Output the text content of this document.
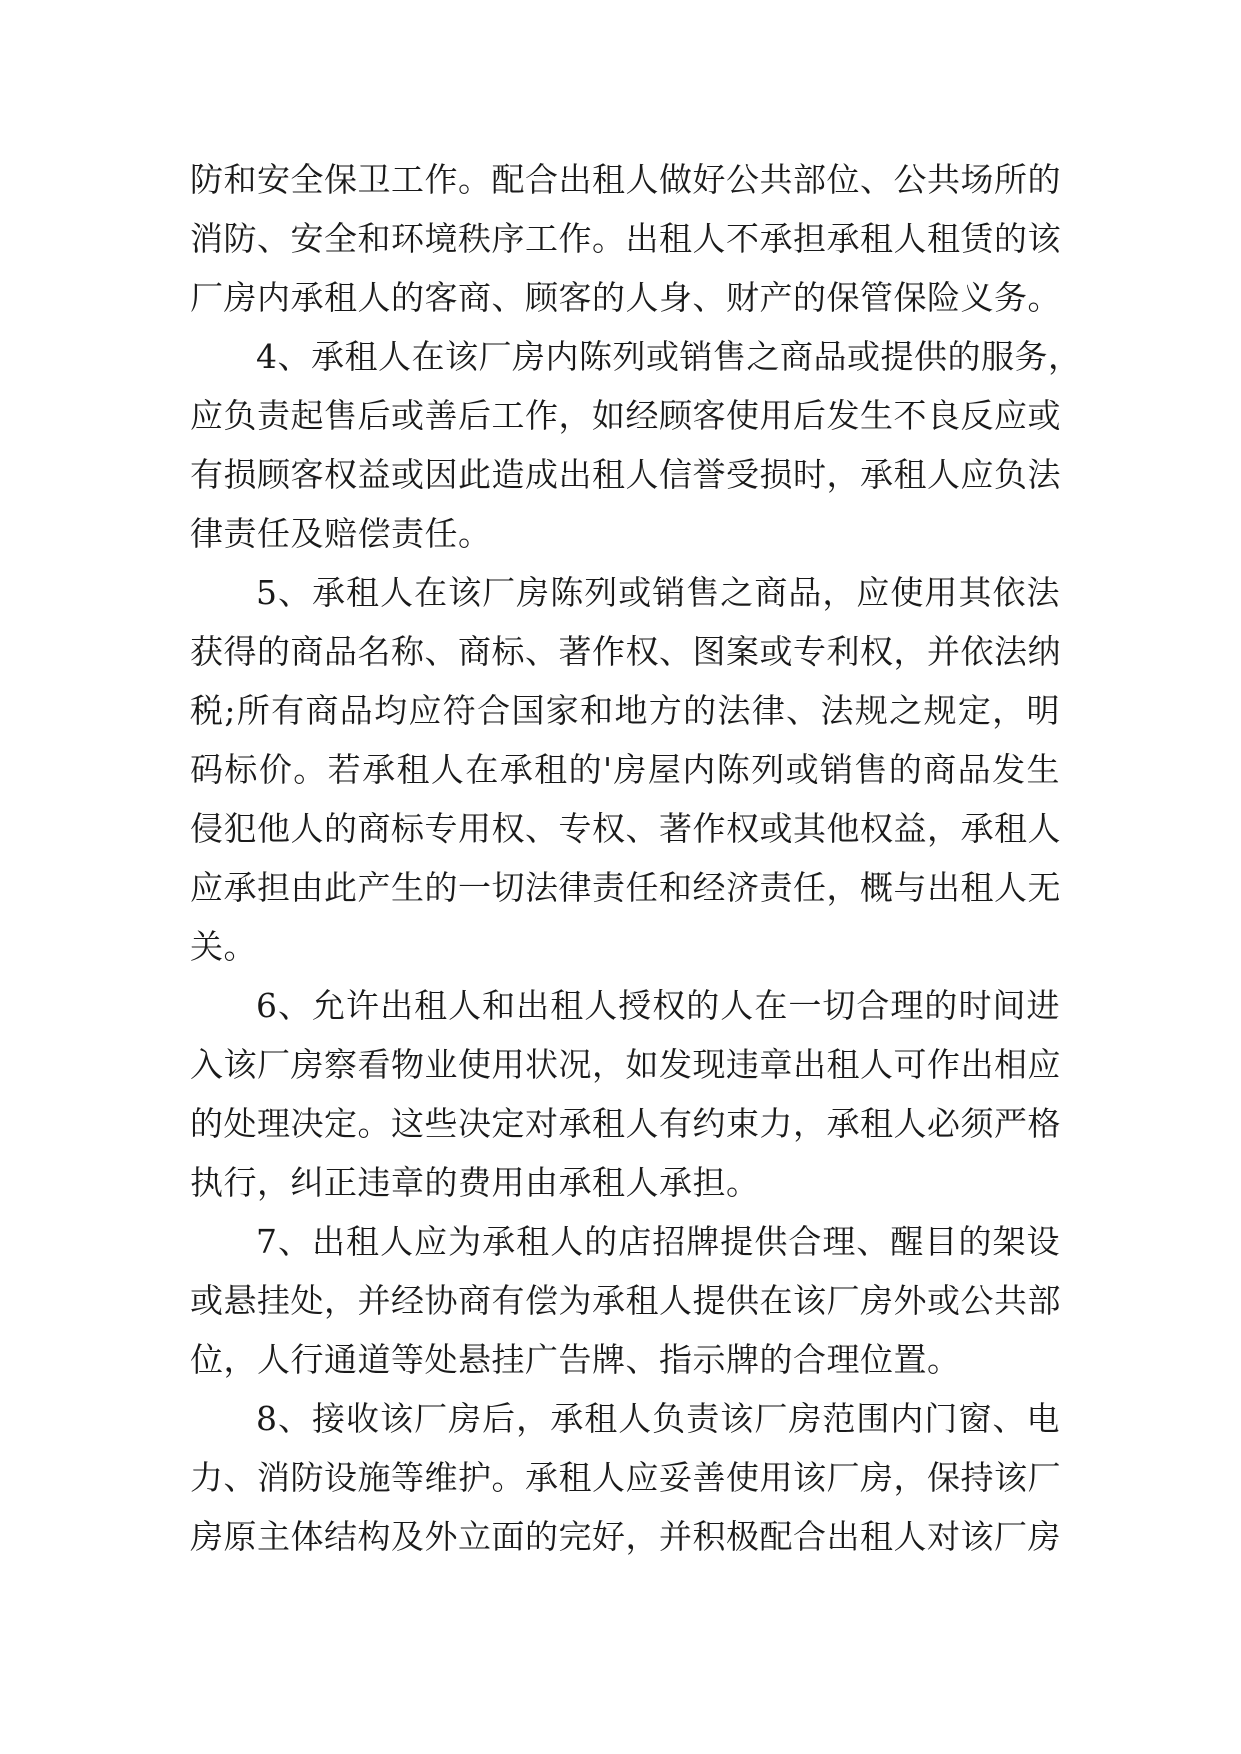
防和安全保卫工作。配合出租人做好公共部位、公共场所的
消防、安全和环境秩序工作。出租人不承担承租人租赁的该
厂房内承租人的客商、顾客的人身、财产的保管保险义务。
4、承租人在该厂房内陈列或销售之商品或提供的服务，
应负责起售后或善后工作，如经顾客使用后发生不良反应或
有损顾客权益或因此造成出租人信誉受损时，承租人应负法
律责任及赔偿责任。
5、承租人在该厂房陈列或销售之商品，应使用其依法
获得的商品名称、商标、著作权、图案或专利权，并依法纳
税;所有商品均应符合国家和地方的法律、法规之规定，明
码标价。若承租人在承租的'房屋内陈列或销售的商品发生
侵犯他人的商标专用权、专权、著作权或其他权益，承租人
应承担由此产生的一切法律责任和经济责任，概与出租人无
关。
6、允许出租人和出租人授权的人在一切合理的时间进
入该厂房察看物业使用状况，如发现违章出租人可作出相应
的处理决定。这些决定对承租人有约束力，承租人必须严格
执行，纠正违章的费用由承租人承担。
7、出租人应为承租人的店招牌提供合理、醒目的架设
或悬挂处，并经协商有偿为承租人提供在该厂房外或公共部
位，人行通道等处悬挂广告牌、指示牌的合理位置。
8、接收该厂房后，承租人负责该厂房范围内门窗、电
力、消防设施等维护。承租人应妥善使用该厂房，保持该厂
房原主体结构及外立面的完好，并积极配合出租人对该厂房
